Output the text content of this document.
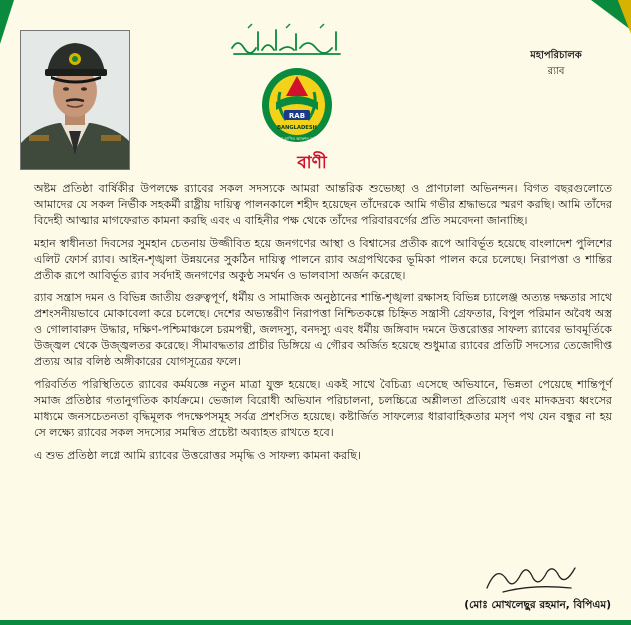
RAB
BANGLADESH
বাংলাদেশ র‌্যাপিড অ্যাকশন ব্যাটালিয়ন
বাণী
মহাপরিচালক
র‌্যাব

অষ্টম প্রতিষ্ঠা বার্ষিকীর উপলক্ষে র‌্যাবের সকল সদস্যকে আমরা আন্তরিক শুভেচ্ছা ও প্রাণঢালা অভিনন্দন। বিগত বছরগুলোতে আমাদের যে সকল নির্ভীক সহকর্মী রাষ্ট্রীয় দায়িত্ব পালনকালে শহীদ হয়েছেন তাঁদেরকে আমি গভীর শ্রদ্ধাভরে স্মরণ করছি। আমি তাঁদের বিদেহী আত্মার মাগফেরাত কামনা করছি এবং এ বাহিনীর পক্ষ থেকে তাঁদের পরিবারবর্গের প্রতি সমবেদনা জানাচ্ছি।

মহান স্বাধীনতা দিবসের সুমহান চেতনায় উজ্জীবিত হয়ে জনগণের আস্থা ও বিশ্বাসের প্রতীক রূপে আবির্ভূত হয়েছে বাংলাদেশ পুলিশের এলিট ফোর্স র‌্যাব। আইন-শৃঙ্খলা উন্নয়নের সুকঠিন দায়িত্ব পালনে র‌্যাব অগ্রপথিকের ভূমিকা পালন করে চলেছে। নিরাপত্তা ও শান্তির প্রতীক রূপে আবির্ভূত র‌্যাব সর্বদাই জনগণের অকুণ্ঠ সমর্থন ও ভালবাসা অর্জন করেছে।

র‌্যাব সন্ত্রাস দমন ও বিভিন্ন জাতীয় গুরুত্বপূর্ণ, ধর্মীয় ও সামাজিক অনুষ্ঠানের শান্তি-শৃঙ্খলা রক্ষাসহ বিভিন্ন চ্যালেঞ্জ অত্যন্ত দক্ষতার সাথে প্রশংসনীয়ভাবে মোকাবেলা করে চলেছে। দেশের অভ্যন্তরীণ নিরাপত্তা নিশ্চিতকল্পে চিহ্নিত সন্ত্রাসী গ্রেফতার, বিপুল পরিমান অবৈধ অস্ত্র ও গোলাবারুদ উদ্ধার, দক্ষিণ-পশ্চিমাঞ্চলে চরমপন্থী, জলদস্যু, বনদস্যু এবং ধর্মীয় জঙ্গিবাদ দমনে উত্তরোত্তর সাফল্য র‌্যাবের ভাবমূর্তিকে উজ্জ্বল থেকে উজ্জ্বলতর করেছে। সীমাবদ্ধতার প্রাচীর ডিঙ্গিয়ে এ গৌরব অর্জিত হয়েছে শুধুমাত্র র‌্যাবের প্রতিটি সদস্যের তেজোদীপ্ত প্রত্যয় আর বলিষ্ঠ অঙ্গীকারের যোগসূত্রের ফলে।

পরিবর্তিত পরিস্থিতিতে র‌্যাবের কর্মযজ্ঞে নতুন মাত্রা যুক্ত হয়েছে। একই সাথে বৈচিত্র্য এসেছে অভিযানে, ভিন্নতা পেয়েছে শান্তিপূর্ণ সমাজ প্রতিষ্ঠার গতানুগতিক কার্যক্রমে। ভেজাল বিরোধী অভিযান পরিচালনা, চলচ্চিত্রে অশ্লীলতা প্রতিরোধ এবং মাদকদ্রব্য ধ্বংসের মাধ্যমে জনসচেতনতা বৃদ্ধিমূলক পদক্ষেপসমূহ সর্বত্র প্রশংসিত হয়েছে। কষ্টার্জিত সাফল্যের ধারাবাহিকতার মসৃণ পথ যেন বন্ধুর না হয় সে লক্ষ্যে র‌্যাবের সকল সদস্যের সমন্বিত প্রচেষ্টা অব্যাহত রাখতে হবে।

এ শুভ প্রতিষ্ঠা লগ্নে আমি র‌্যাবের উত্তরোত্তর সমৃদ্ধি ও সাফল্য কামনা করছি।

(মোঃ মোখলেছুর রহমান, বিপিএম)
